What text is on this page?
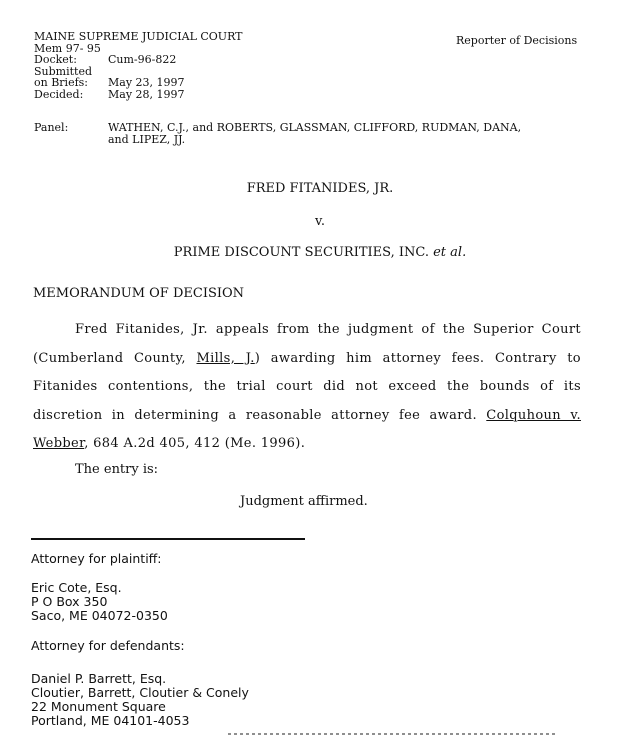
MAINE SUPREME JUDICIAL COURT
Mem 97- 95
Docket:	Cum-96-822
Submitted
on Briefs:	May 23, 1997
Decided:	May 28, 1997
Reporter of Decisions
Panel:	WATHEN, C.J., and ROBERTS, GLASSMAN, CLIFFORD, RUDMAN, DANA,
and LIPEZ, JJ.
FRED FITANIDES, JR.
v.
PRIME DISCOUNT SECURITIES, INC. et al.
MEMORANDUM OF DECISION

Fred Fitanides, Jr. appeals from the judgment of the Superior Court (Cumberland County, Mills, J.) awarding him attorney fees. Contrary to Fitanides contentions, the trial court did not exceed the bounds of its discretion in determining a reasonable attorney fee award. Colquhoun v. Webber, 684 A.2d 405, 412 (Me. 1996).

The entry is:
Judgment affirmed.
Attorney for plaintiff:
Eric Cote, Esq.
P O Box 350
Saco, ME 04072-0350
Attorney for defendants:
Daniel P. Barrett, Esq.
Cloutier, Barrett, Cloutier & Conely
22 Monument Square
Portland, ME 04101-4053
